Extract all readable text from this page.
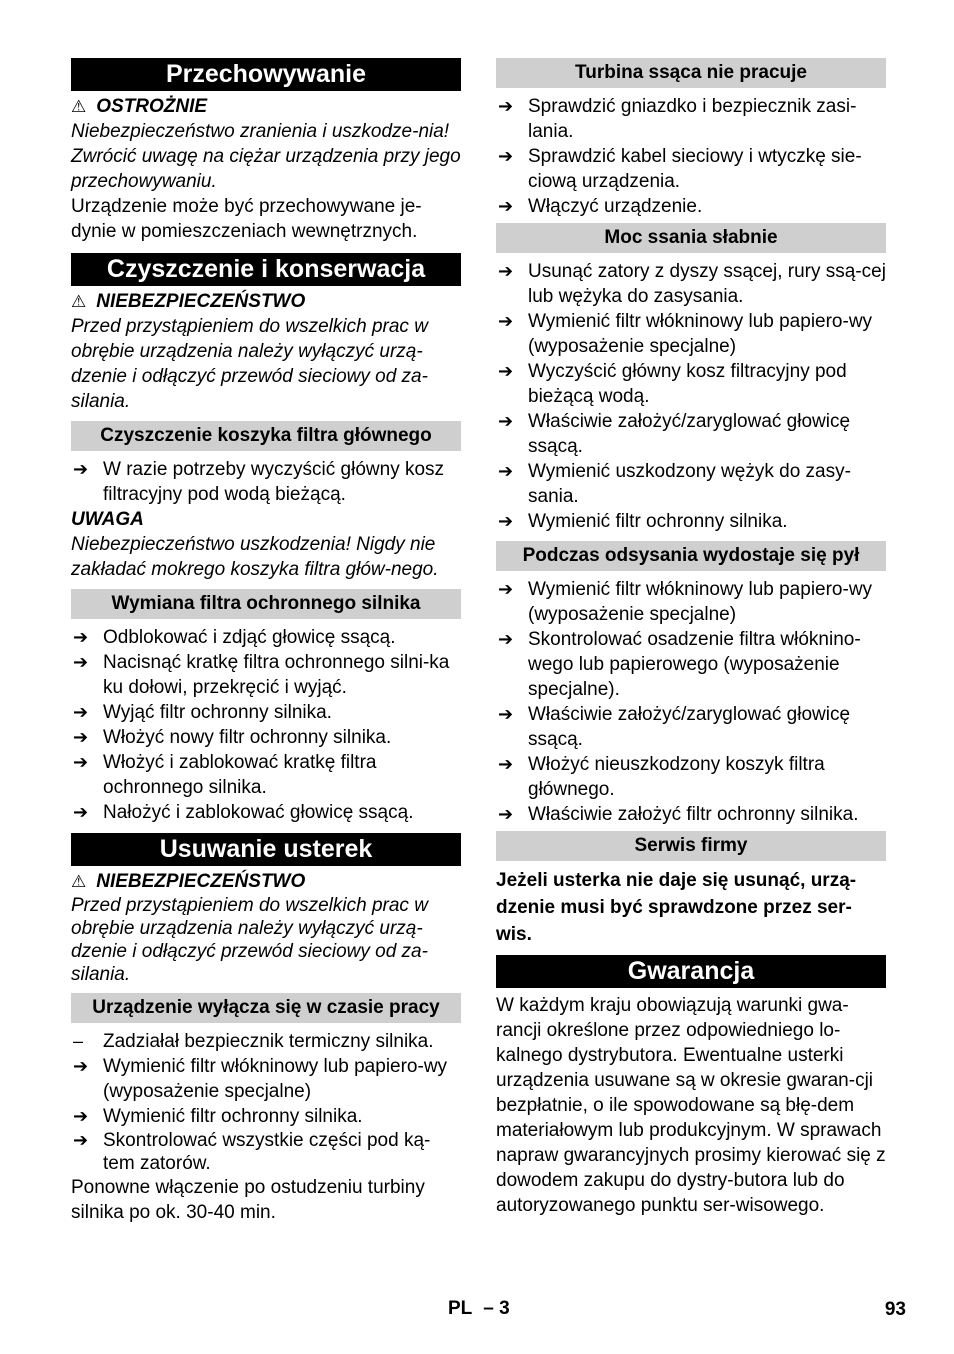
Przechowywanie
⚠ OSTROŻNIE

Niebezpieczeństwo zranienia i uszkodze-nia! Zwrócić uwagę na ciężar urządzenia przy jego przechowywaniu.

Urządzenie może być przechowywane je-dynie w pomieszczeniach wewnętrznych.

Czyszczenie i konserwacja
⚠ NIEBEZPIECZEŃSTWO

Przed przystąpieniem do wszelkich prac w obrębie urządzenia należy wyłączyć urzą-dzenie i odłączyć przewód sieciowy od za-silania.

Czyszczenie koszyka filtra głównego
➔ W razie potrzeby wyczyścić główny kosz filtracyjny pod wodą bieżącą.
UWAGA

Niebezpieczeństwo uszkodzenia! Nigdy nie zakładać mokrego koszyka filtra głów-nego.

Wymiana filtra ochronnego silnika
➔ Odblokować i zdjąć głowicę ssącą.
➔ Nacisnąć kratkę filtra ochronnego silni-ka ku dołowi, przekręcić i wyjąć.
➔ Wyjąć filtr ochronny silnika.
➔ Włożyć nowy filtr ochronny silnika.
➔ Włożyć i zablokować kratkę filtra ochronnego silnika.
➔ Nałożyć i zablokować głowicę ssącą.
Usuwanie usterek
⚠ NIEBEZPIECZEŃSTWO

Przed przystąpieniem do wszelkich prac w obrębie urządzenia należy wyłączyć urzą-dzenie i odłączyć przewód sieciowy od za-silania.

Urządzenie wyłącza się w czasie pracy
– Zadziałał bezpiecznik termiczny silnika.
➔ Wymienić filtr włókninowy lub papiero-wy (wyposażenie specjalne)
➔ Wymienić filtr ochronny silnika.
➔ Skontrolować wszystkie części pod ką-tem zatorów.

Ponowne włączenie po ostudzeniu turbiny silnika po ok. 30-40 min.

Turbina ssąca nie pracuje
➔ Sprawdzić gniazdko i bezpiecznik zasi-lania.
➔ Sprawdzić kabel sieciowy i wtyczkę sie-ciową urządzenia.
➔ Włączyć urządzenie.
Moc ssania słabnie
➔ Usunąć zatory z dyszy ssącej, rury ssą-cej lub wężyka do zasysania.
➔ Wymienić filtr włókninowy lub papiero-wy (wyposażenie specjalne)
➔ Wyczyścić główny kosz filtracyjny pod bieżącą wodą.
➔ Właściwie założyć/zaryglować głowicę ssącą.
➔ Wymienić uszkodzony wężyk do zasy-sania.
➔ Wymienić filtr ochronny silnika.
Podczas odsysania wydostaje się pył
➔ Wymienić filtr włókninowy lub papiero-wy (wyposażenie specjalne)
➔ Skontrolować osadzenie filtra włóknino-wego lub papierowego (wyposażenie specjalne).
➔ Właściwie założyć/zaryglować głowicę ssącą.
➔ Włożyć nieuszkodzony koszyk filtra głównego.
➔ Właściwie założyć filtr ochronny silnika.
Serwis firmy

Jeżeli usterka nie daje się usunąć, urzą-dzenie musi być sprawdzone przez ser-wis.

Gwarancja

W każdym kraju obowiązują warunki gwa-rancji określone przez odpowiedniego lo-kalnego dystrybutora. Ewentualne usterki urządzenia usuwane są w okresie gwaran-cji bezpłatnie, o ile spowodowane są błę-dem materiałowym lub produkcyjnym. W sprawach napraw gwarancyjnych prosimy kierować się z dowodem zakupu do dystry-butora lub do autoryzowanego punktu ser-wisowego.

PL – 3	93
